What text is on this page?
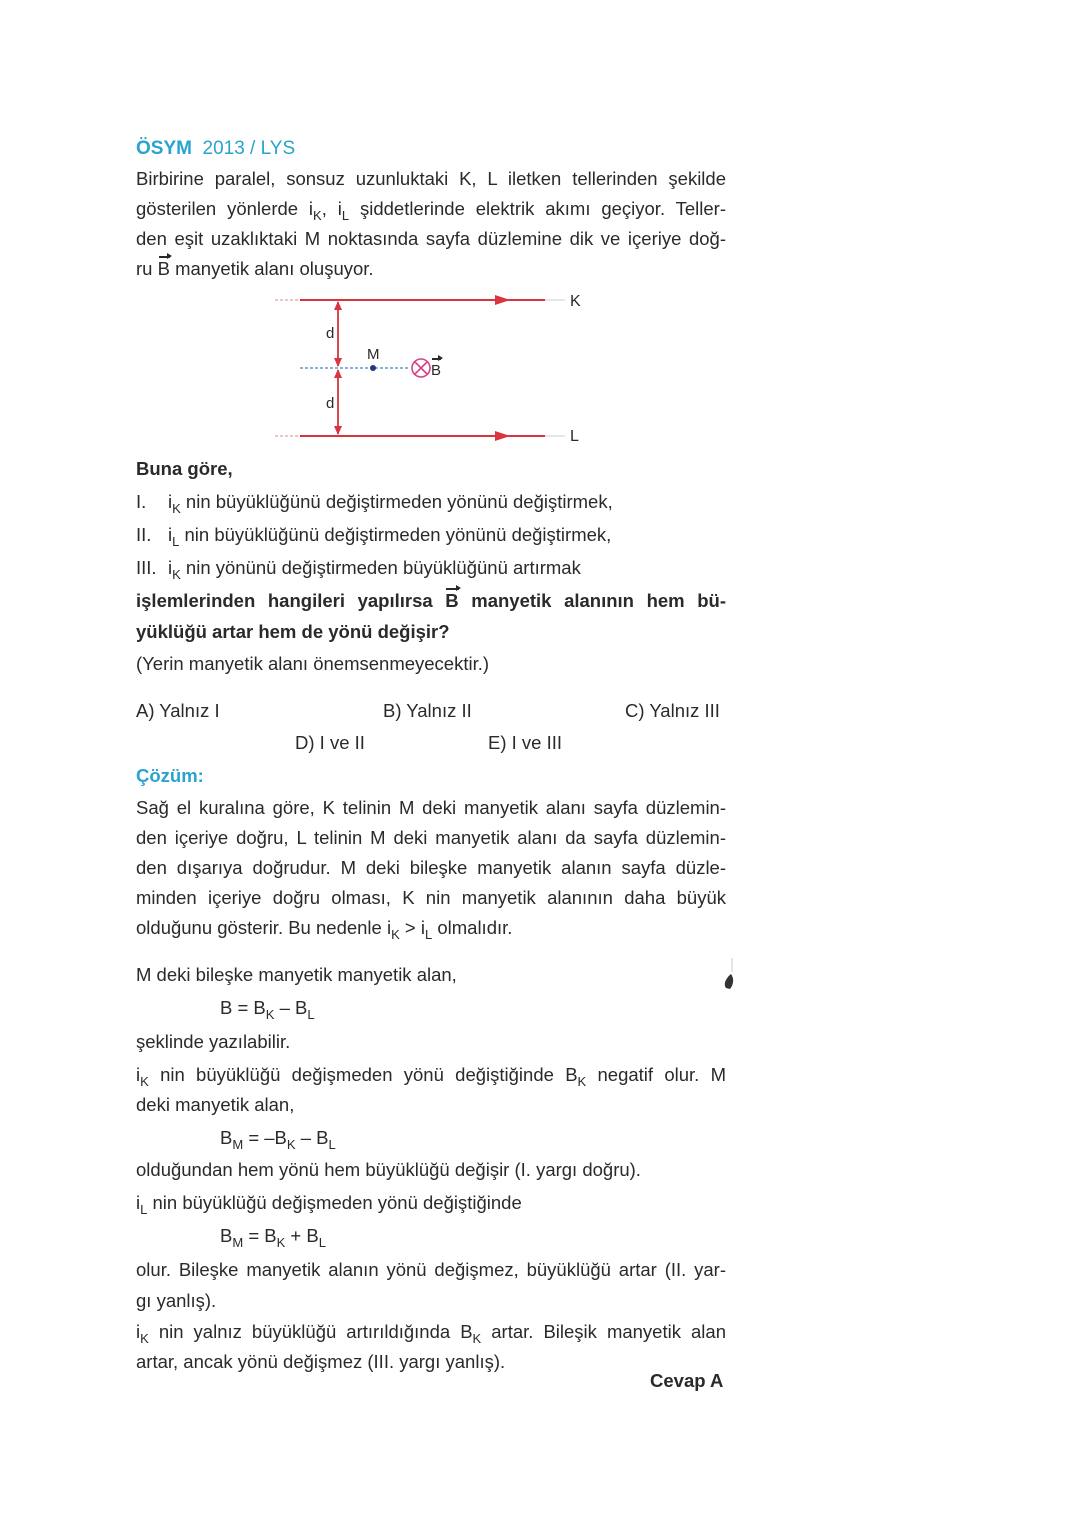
ÖSYM 2013 / LYS
Birbirine paralel, sonsuz uzunluktaki K, L iletken tellerinden şekilde
gösterilen yönlerde $i_K$, $i_L$ şiddetlerinde elektrik akımı geçiyor. Teller-
den eşit uzaklıktaki M noktasında sayfa düzlemine dik ve içeriye doğ-
ru B manyetik alanı oluşuyor.
K
L
d
d
M
B
Buna göre,
I. $i_K$ nin büyüklüğünü değiştirmeden yönünü değiştirmek,
II. $i_L$ nin büyüklüğünü değiştirmeden yönünü değiştirmek,
III. $i_K$ nin yönünü değiştirmeden büyüklüğünü artırmak
işlemlerinden hangileri yapılırsa B manyetik alanının hem bü-
yüklüğü artar hem de yönü değişir?
(Yerin manyetik alanı önemsenmeyecektir.)
A) Yalnız I	B) Yalnız II	C) Yalnız III
D) I ve II	E) I ve III
Çözüm:
Sağ el kuralına göre, K telinin M deki manyetik alanı sayfa düzlemin-
den içeriye doğru, L telinin M deki manyetik alanı da sayfa düzlemin-
den dışarıya doğrudur. M deki bileşke manyetik alanın sayfa düzle-
minden içeriye doğru olması, K nin manyetik alanının daha büyük
olduğunu gösterir. Bu nedenle $i_K > i_L$ olmalıdır.
M deki bileşke manyetik manyetik alan,
$B = B_K - B_L$
şeklinde yazılabilir.
$i_K$ nin büyüklüğü değişmeden yönü değiştiğinde $B_K$ negatif olur. M
deki manyetik alan,
$B_M = -B_K - B_L$
olduğundan hem yönü hem büyüklüğü değişir (I. yargı doğru).
$i_L$ nin büyüklüğü değişmeden yönü değiştiğinde
$B_M = B_K + B_L$
olur. Bileşke manyetik alanın yönü değişmez, büyüklüğü artar (II. yar-
gı yanlış).
$i_K$ nin yalnız büyüklüğü artırıldığında $B_K$ artar. Bileşik manyetik alan
artar, ancak yönü değişmez (III. yargı yanlış).
Cevap A
